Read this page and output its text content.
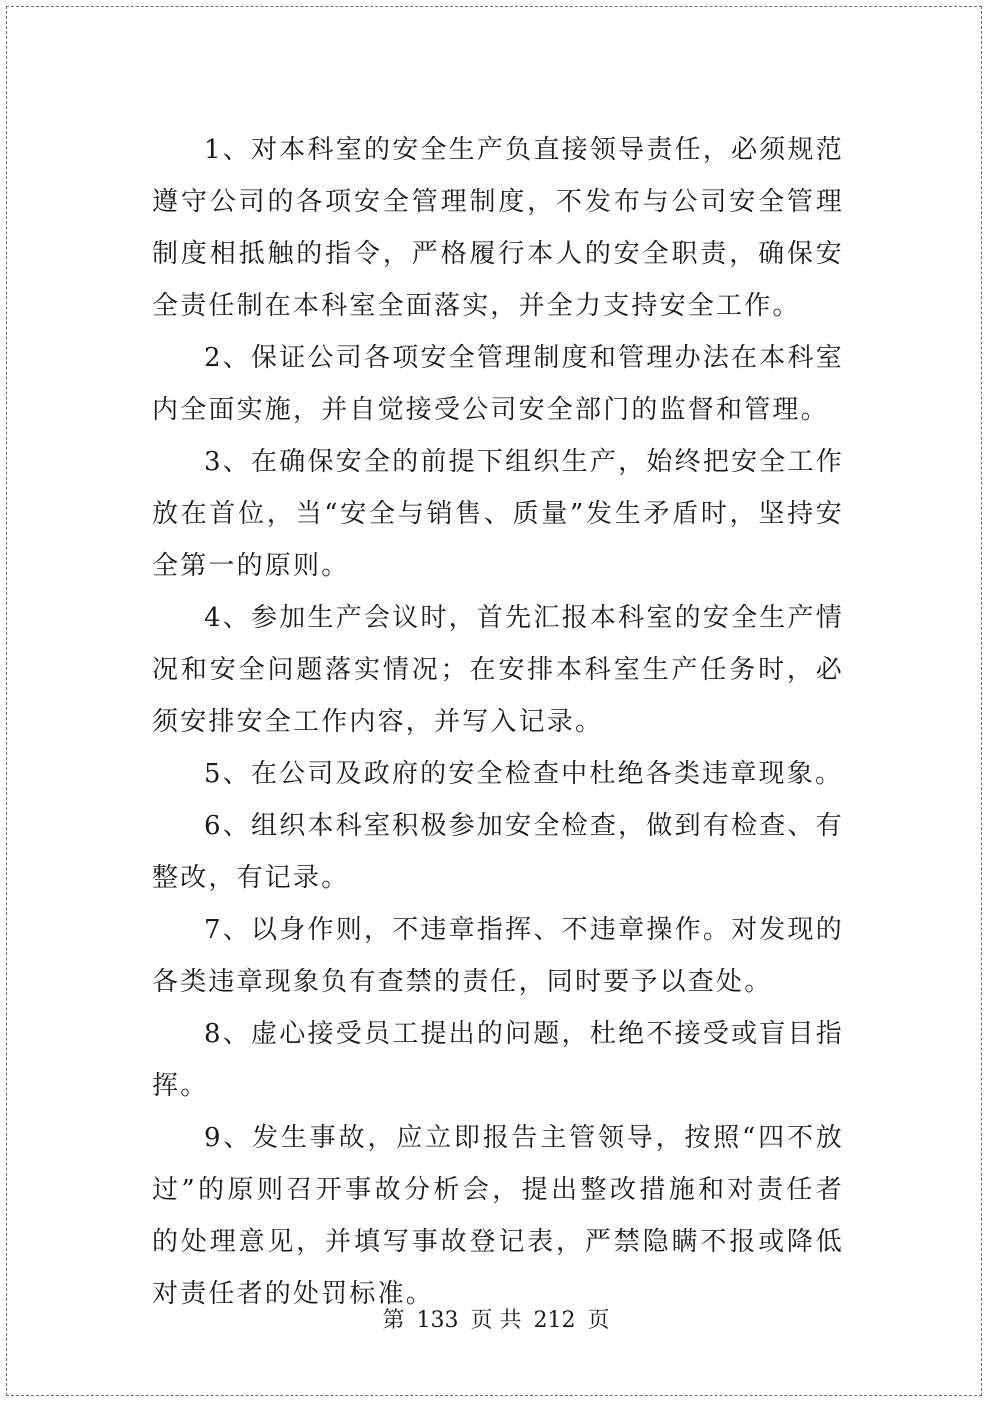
1、对本科室的安全生产负直接领导责任，必须规范遵守公司的各项安全管理制度，不发布与公司安全管理制度相抵触的指令，严格履行本人的安全职责，确保安全责任制在本科室全面落实，并全力支持安全工作。

2、保证公司各项安全管理制度和管理办法在本科室内全面实施，并自觉接受公司安全部门的监督和管理。

3、在确保安全的前提下组织生产，始终把安全工作放在首位，当“安全与销售、质量”发生矛盾时，坚持安全第一的原则。

4、参加生产会议时，首先汇报本科室的安全生产情况和安全问题落实情况；在安排本科室生产任务时，必须安排安全工作内容，并写入记录。

5、在公司及政府的安全检查中杜绝各类违章现象。

6、组织本科室积极参加安全检查，做到有检查、有整改，有记录。

7、以身作则，不违章指挥、不违章操作。对发现的各类违章现象负有查禁的责任，同时要予以查处。

8、虚心接受员工提出的问题，杜绝不接受或盲目指挥。

9、发生事故，应立即报告主管领导，按照“四不放过”的原则召开事故分析会，提出整改措施和对责任者的处理意见，并填写事故登记表，严禁隐瞒不报或降低对责任者的处罚标准。

第 133 页 共 212 页
